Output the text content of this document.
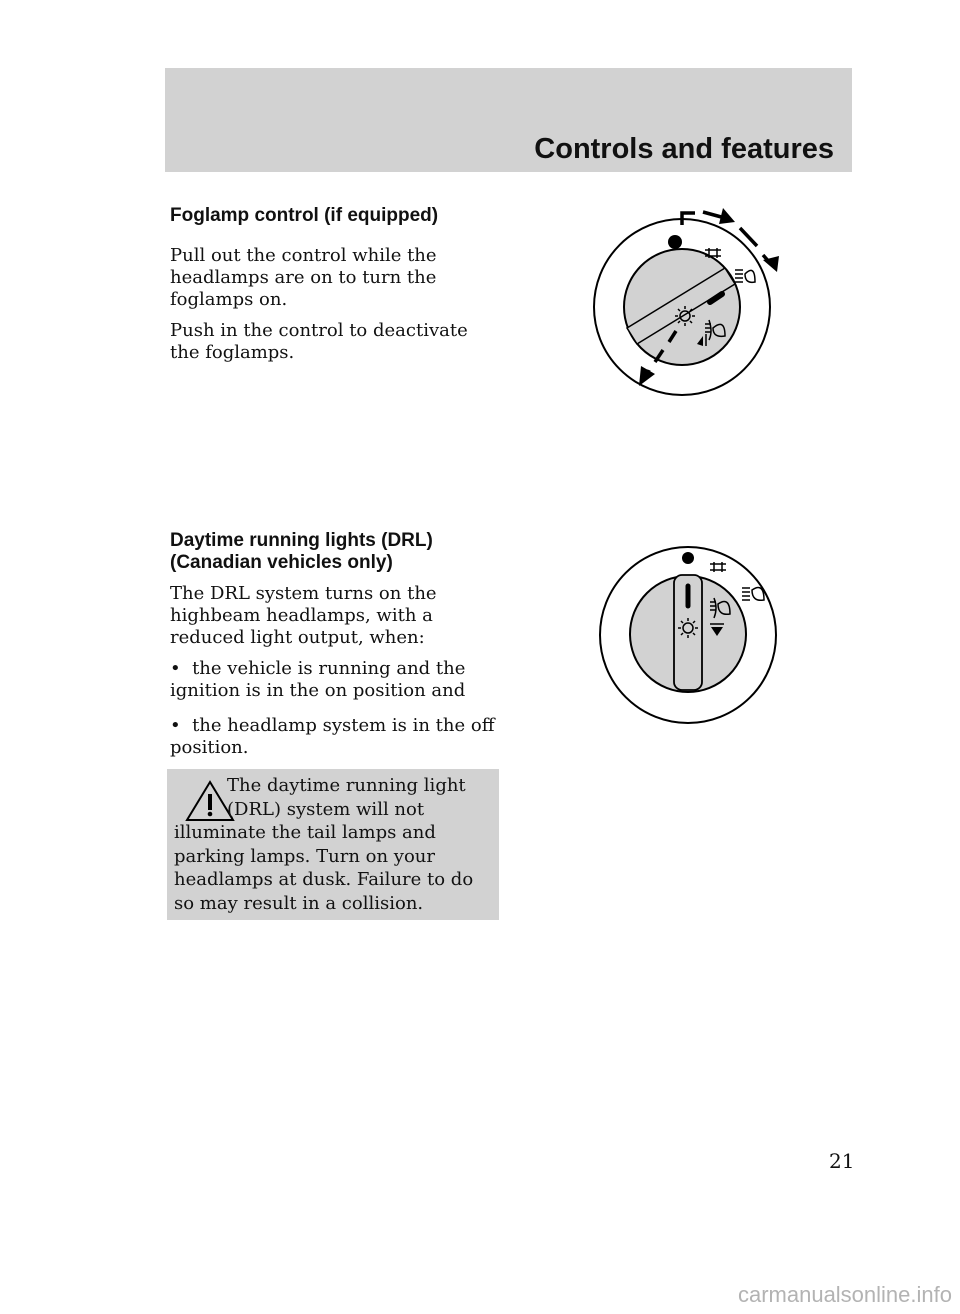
Controls and features
Foglamp control (if equipped)
Pull out the control while the headlamps are on to turn the foglamps on.
Push in the control to deactivate the foglamps.
Daytime running lights (DRL)
(Canadian vehicles only)
The DRL system turns on the highbeam headlamps, with a reduced light output, when:
• the vehicle is running and the ignition is in the on position and
• the headlamp system is in the off position.
The daytime running light
(DRL) system will not
illuminate the tail lamps and parking lamps. Turn on your headlamps at dusk. Failure to do so may result in a collision.
21
carmanualsonline.info
